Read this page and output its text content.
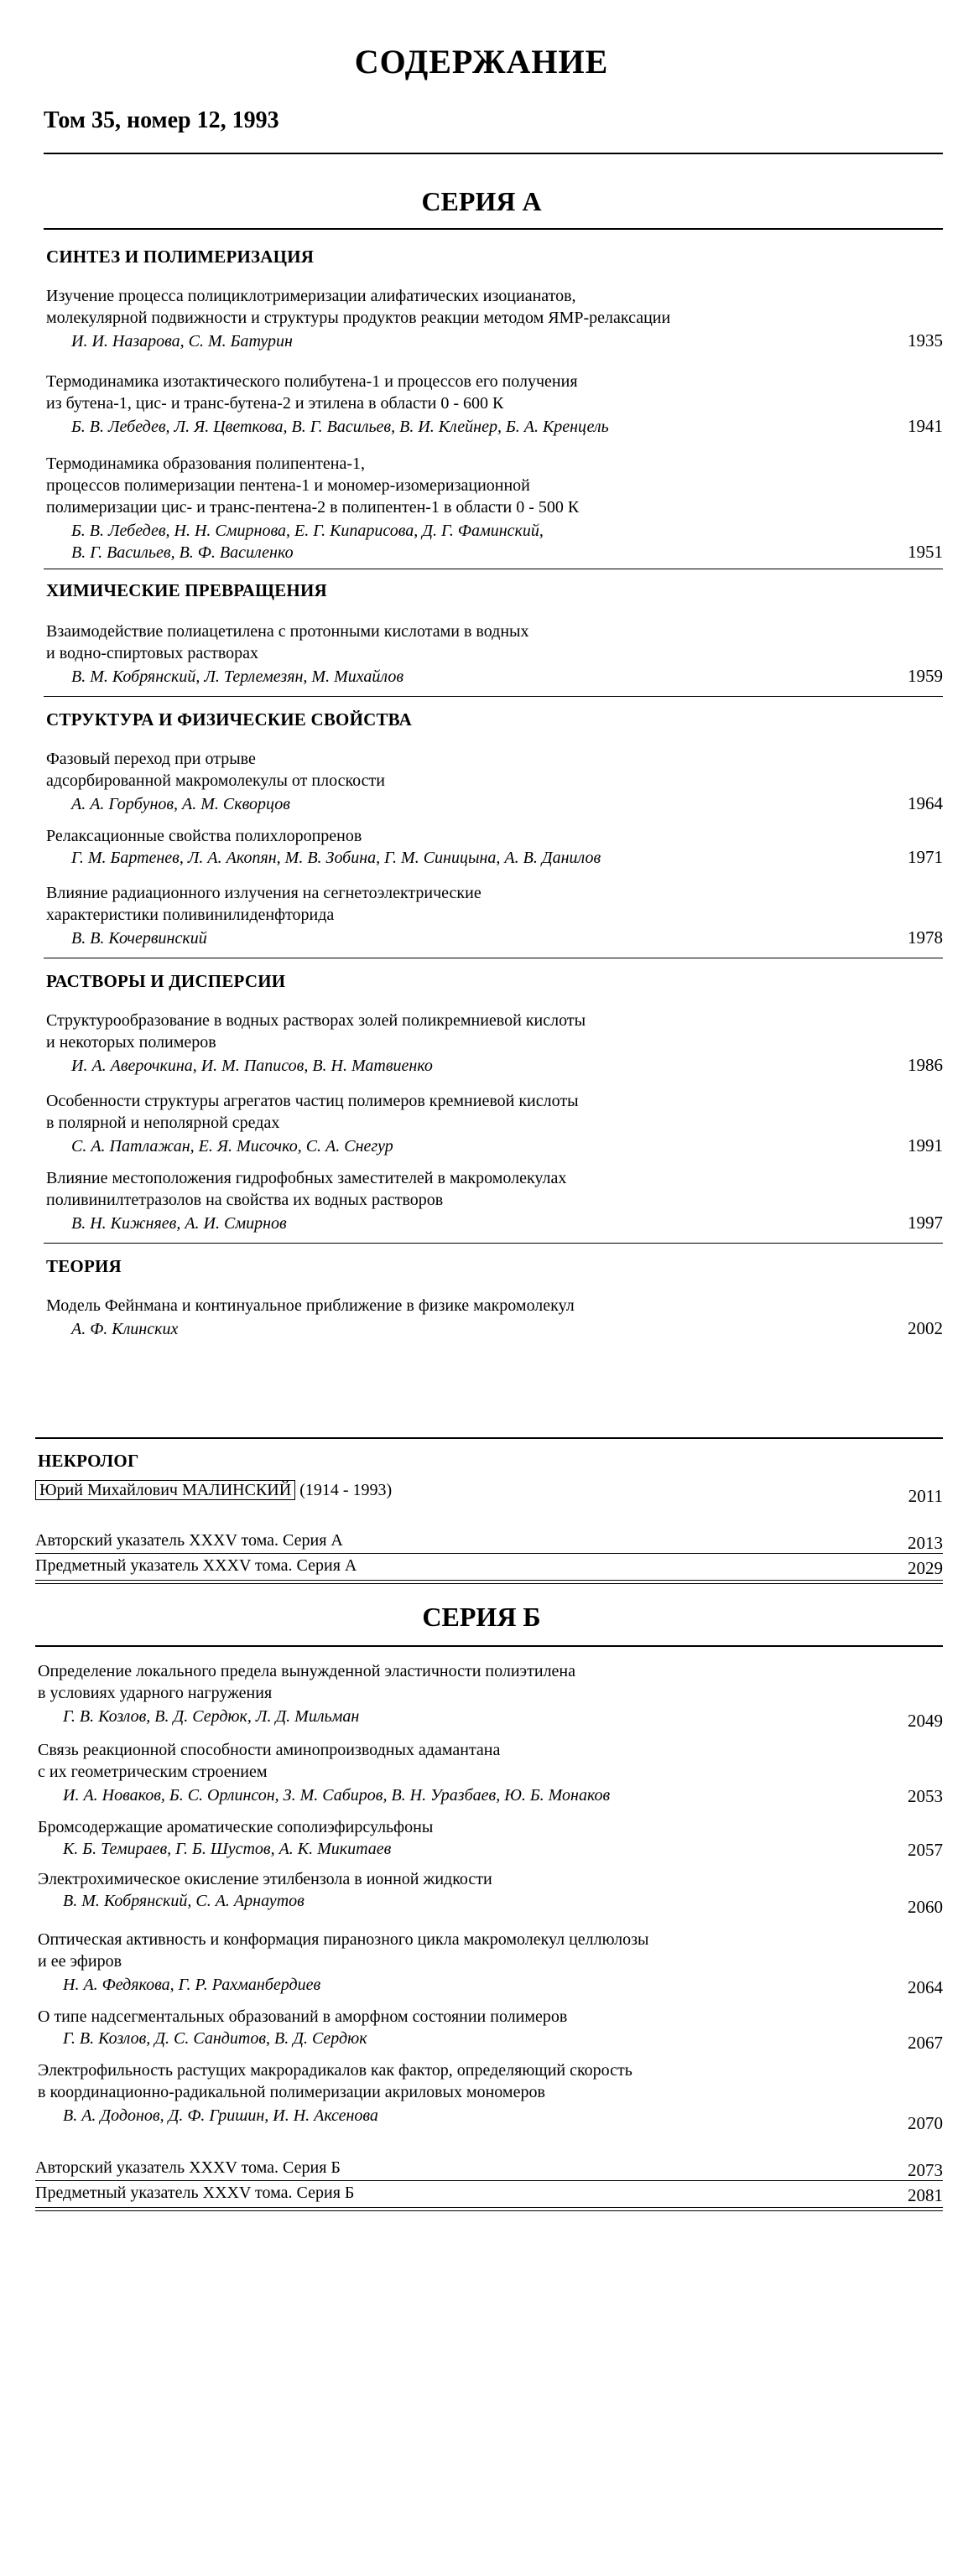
СОДЕРЖАНИЕ
Том 35, номер 12, 1993
СЕРИЯ А
СИНТЕЗ И ПОЛИМЕРИЗАЦИЯ
Изучение процесса полициклотримеризации алифатических изоцианатов,
молекулярной подвижности и структуры продуктов реакции методом ЯМР-релаксации
И. И. Назарова, С. М. Батурин	1935
Термодинамика изотактического полибутена-1 и процессов его получения
из бутена-1, цис- и транс-бутена-2 и этилена в области 0 - 600 К
Б. В. Лебедев, Л. Я. Цветкова, В. Г. Васильев, В. И. Клейнер, Б. А. Кренцель	1941
Термодинамика образования полипентена-1,
процессов полимеризации пентена-1 и мономер-изомеризационной
полимеризации цис- и транс-пентена-2 в полипентен-1 в области 0 - 500 К
Б. В. Лебедев, Н. Н. Смирнова, Е. Г. Кипарисова, Д. Г. Фаминский,
В. Г. Васильев, В. Ф. Василенко	1951
ХИМИЧЕСКИЕ ПРЕВРАЩЕНИЯ
Взаимодействие полиацетилена с протонными кислотами в водных
и водно-спиртовых растворах
В. М. Кобрянский, Л. Терлемезян, М. Михайлов	1959
СТРУКТУРА И ФИЗИЧЕСКИЕ СВОЙСТВА
Фазовый переход при отрыве
адсорбированной макромолекулы от плоскости
А. А. Горбунов, А. М. Скворцов	1964
Релаксационные свойства полихлоропренов
Г. М. Бартенев, Л. А. Акопян, М. В. Зобина, Г. М. Синицына, А. В. Данилов	1971
Влияние радиационного излучения на сегнетоэлектрические
характеристики поливинилиденфторида
В. В. Кочервинский	1978
РАСТВОРЫ И ДИСПЕРСИИ
Структурообразование в водных растворах золей поликремниевой кислоты
и некоторых полимеров
И. А. Аверочкина, И. М. Паписов, В. Н. Матвиенко	1986
Особенности структуры агрегатов частиц полимеров кремниевой кислоты
в полярной и неполярной средах
С. А. Патлажан, Е. Я. Мисочко, С. А. Снегур	1991
Влияние местоположения гидрофобных заместителей в макромолекулах
поливинилтетразолов на свойства их водных растворов
В. Н. Кижняев, А. И. Смирнов	1997
ТЕОРИЯ
Модель Фейнмана и континуальное приближение в физике макромолекул
А. Ф. Клинских	2002
НЕКРОЛОГ
Юрий Михайлович МАЛИНСКИЙ (1914 - 1993)	2011
Авторский указатель XXXV тома. Серия А	2013
Предметный указатель XXXV тома. Серия А	2029
СЕРИЯ Б
Определение локального предела вынужденной эластичности полиэтилена
в условиях ударного нагружения
Г. В. Козлов, В. Д. Сердюк, Л. Д. Мильман	2049
Связь реакционной способности аминопроизводных адамантана
с их геометрическим строением
И. А. Новаков, Б. С. Орлинсон, З. М. Сабиров, В. Н. Уразбаев, Ю. Б. Монаков	2053
Бромсодержащие ароматические сополиэфирсульфоны
К. Б. Темираев, Г. Б. Шустов, А. К. Микитаев	2057
Электрохимическое окисление этилбензола в ионной жидкости
В. М. Кобрянский, С. А. Арнаутов	2060
Оптическая активность и конформация пиранозного цикла макромолекул целлюлозы
и ее эфиров
Н. А. Федякова, Г. Р. Рахманбердиев	2064
О типе надсегментальных образований в аморфном состоянии полимеров
Г. В. Козлов, Д. С. Сандитов, В. Д. Сердюк	2067
Электрофильность растущих макрорадикалов как фактор, определяющий скорость
в координационно-радикальной полимеризации акриловых мономеров
В. А. Додонов, Д. Ф. Гришин, И. Н. Аксенова	2070
Авторский указатель XXXV тома. Серия Б	2073
Предметный указатель XXXV тома. Серия Б	2081
